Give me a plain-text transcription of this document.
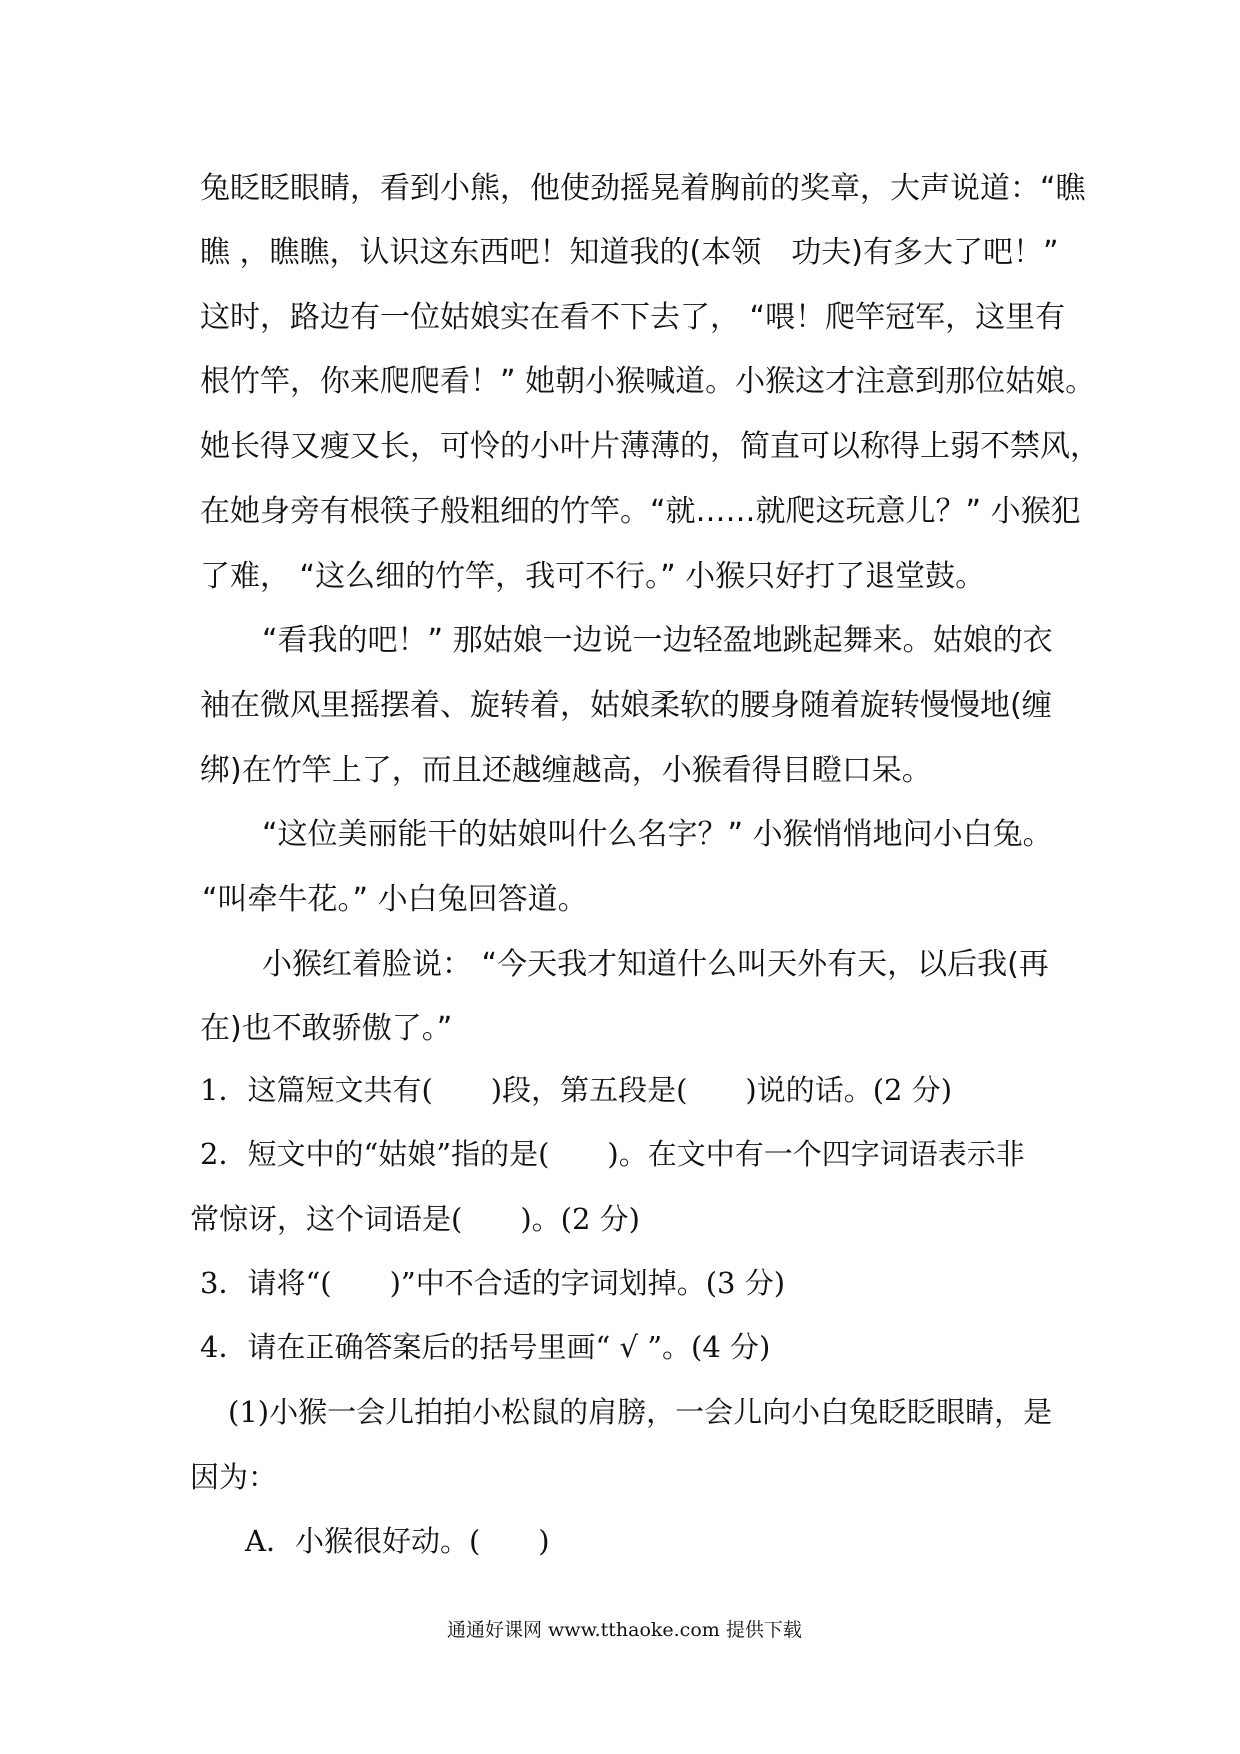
兔眨眨眼睛，看到小熊，他使劲摇晃着胸前的奖章，大声说道：“瞧

瞧 ，瞧瞧，认识这东西吧！知道我的(本领　功夫)有多大了吧！”

这时，路边有一位姑娘实在看不下去了， “喂！爬竿冠军，这里有

根竹竿，你来爬爬看！” 她朝小猴喊道。小猴这才注意到那位姑娘。

她长得又瘦又长，可怜的小叶片薄薄的，简直可以称得上弱不禁风，

在她身旁有根筷子般粗细的竹竿。“就……就爬这玩意儿？” 小猴犯

了难， “这么细的竹竿，我可不行。” 小猴只好打了退堂鼓。

“看我的吧！” 那姑娘一边说一边轻盈地跳起舞来。姑娘的衣

袖在微风里摇摆着、旋转着，姑娘柔软的腰身随着旋转慢慢地(缠

绑)在竹竿上了，而且还越缠越高，小猴看得目瞪口呆。

“这位美丽能干的姑娘叫什么名字？” 小猴悄悄地问小白兔。

“叫牵牛花。” 小白兔回答道。

小猴红着脸说： “今天我才知道什么叫天外有天，以后我(再

在)也不敢骄傲了。”

1．这篇短文共有(　　)段，第五段是(　　)说的话。(2 分)

2．短文中的“姑娘”指的是(　　)。在文中有一个四字词语表示非

常惊讶，这个词语是(　　)。(2 分)

3．请将“(　　)”中不合适的字词划掉。(3 分)

4．请在正确答案后的括号里画“ √ ”。(4 分)

(1)小猴一会儿拍拍小松鼠的肩膀，一会儿向小白兔眨眨眼睛，是

因为：

A．小猴很好动。(　　)

通通好课网 www.tthaoke.com 提供下载
